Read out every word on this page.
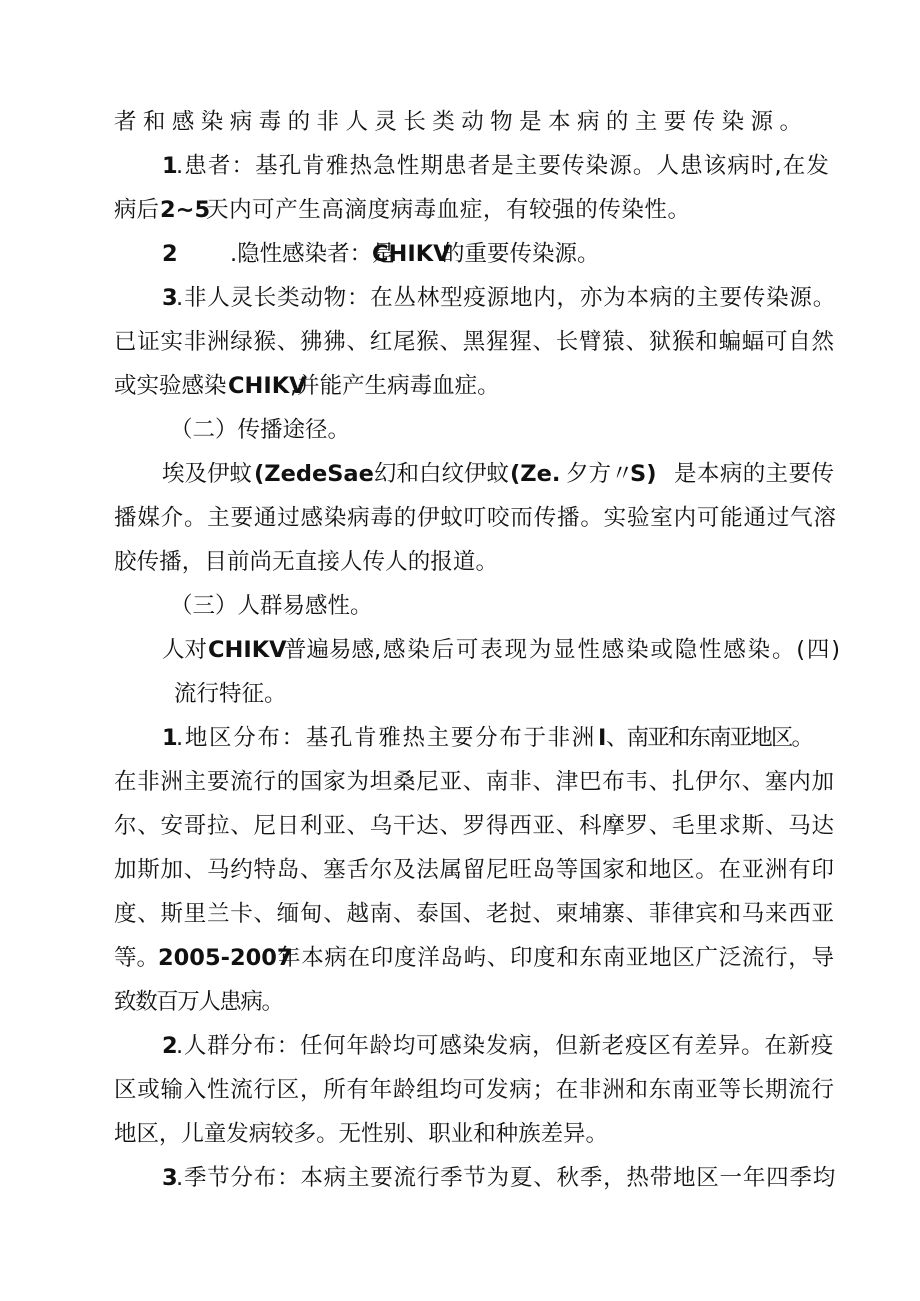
者和感染病毒的非人灵长类动物是本病的主要传染源。
1
.患者：基孔肯雅热急性期患者是主要传染源。人患该病时,在发
病后 2~5
天内可产生高滴度病毒血症，有较强的传染性。
2 .隐性感染者：是
CHIKV
的重要传染源。
3
.非人灵长类动物：在丛林型疫源地内，亦为本病的主要传染源。
已证实非洲绿猴、狒狒、红尾猴、黑猩猩、长臂猿、狱猴和蝙蝠可自然
或实验感染 CHIKV
,并能产生病毒血症。
（二）传播途径。
埃及伊蚊 (ZedeSae 幻和白纹伊蚊 (Ze. 夕方〃
S) 是本病的主要传
播媒介。主要通过感染病毒的伊蚊叮咬而传播。实验室内可能通过气溶
胶传播，目前尚无直接人传人的报道。
（三）人群易感性。
人对 CHIKV
普遍易感 ,感染后可表现为显性感染或隐性感染。(四)
流行特征。
1
.地区分布：基孔肯雅热主要分布于非洲 I 、南亚和东南亚地区。
在非洲主要流行的国家为坦桑尼亚、南非、津巴布韦、扎伊尔、塞内加
尔、安哥拉、尼日利亚、乌干达、罗得西亚、科摩罗、毛里求斯、马达
加斯加、马约特岛、塞舌尔及法属留尼旺岛等国家和地区。在亚洲有印
度、斯里兰卡、缅甸、越南、泰国、老挝、柬埔寨、菲律宾和马来西亚
等。
2005-2007
年本病在印度洋岛屿、印度和东南亚地区广泛流行，导
致数百万人患病。
2
.人群分布：任何年龄均可感染发病，但新老疫区有差异。在新疫
区或输入性流行区，所有年龄组均可发病；在非洲和东南亚等长期流行
地区，儿童发病较多。无性别、职业和种族差异。
3
.季节分布：本病主要流行季节为夏、秋季，热带地区一年四季均
